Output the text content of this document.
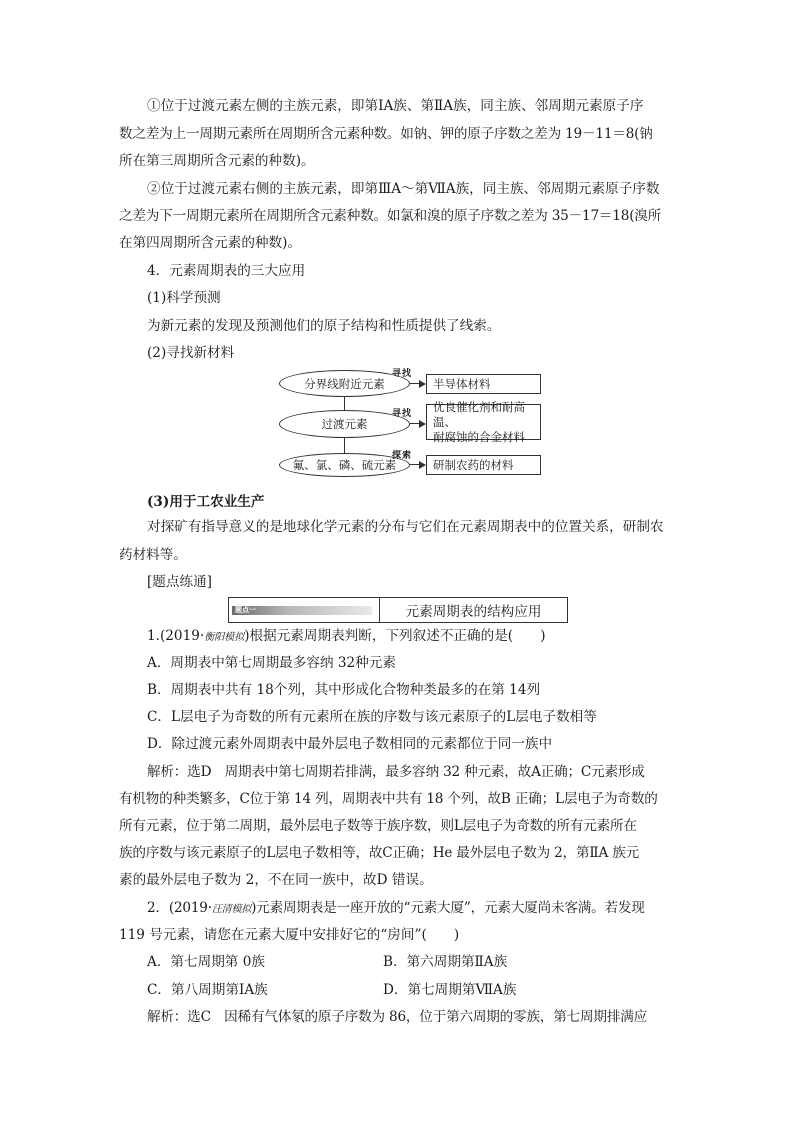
①位于过渡元素左侧的主族元素，即第ⅠA族、第ⅡA族，同主族、邻周期元素原子序
数之差为上一周期元素所在周期所含元素种数。如钠、钾的原子序数之差为 19－11＝8(钠
所在第三周期所含元素的种数)。
②位于过渡元素右侧的主族元素，即第ⅢA～第ⅦA族，同主族、邻周期元素原子序数
之差为下一周期元素所在周期所含元素种数。如氯和溴的原子序数之差为 35－17＝18(溴所
在第四周期所含元素的种数)。
4．元素周期表的三大应用
(1)科学预测
为新元素的发现及预测他们的原子结构和性质提供了线索。
(2)寻找新材料
分界线附近元素
寻找
半导体材料
过渡元素
寻找
优良催化剂和耐高温、
耐腐蚀的合金材料
氟、氯、磷、硫元素
探索
研制农药的材料
(3)用于工农业生产
对探矿有指导意义的是地球化学元素的分布与它们在元素周期表中的位置关系，研制农
药材料等。
[题点练通]
题点一	元素周期表的结构应用
1.(2019·衡阳模拟)根据元素周期表判断，下列叙述不正确的是(　　)
A．周期表中第七周期最多容纳 32种元素
B．周期表中共有 18个列，其中形成化合物种类最多的在第 14列
C．L层电子为奇数的所有元素所在族的序数与该元素原子的L层电子数相等
D．除过渡元素外周期表中最外层电子数相同的元素都位于同一族中
解析：选D　周期表中第七周期若排满，最多容纳 32 种元素，故A正确；C元素形成
有机物的种类繁多，C位于第 14 列，周期表中共有 18 个列，故B 正确；L层电子为奇数的
所有元素，位于第二周期，最外层电子数等于族序数，则L层电子为奇数的所有元素所在
族的序数与该元素原子的L层电子数相等，故C正确；He 最外层电子数为 2，第ⅡA 族元
素的最外层电子数为 2，不在同一族中，故D 错误。
2．(2019·汪清模拟)元素周期表是一座开放的“元素大厦”，元素大厦尚未客满。若发现
119 号元素，请您在元素大厦中安排好它的“房间”(　　)
A．第七周期第 0族	B．第六周期第ⅡA族
C．第八周期第ⅠA族	D．第七周期第ⅦA族
解析：选C　因稀有气体氡的原子序数为 86，位于第六周期的零族，第七周期排满应
